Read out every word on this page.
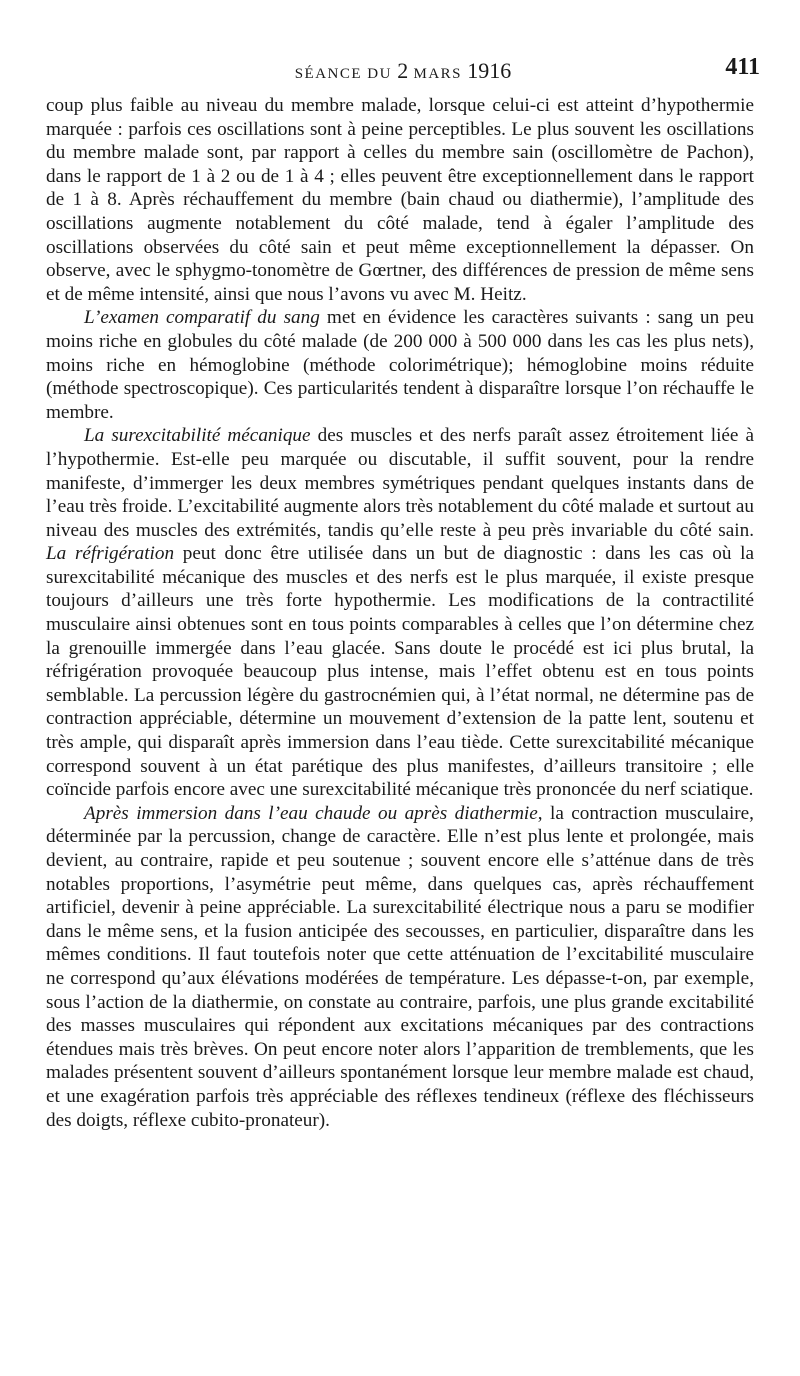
SÉANCE DU 2 MARS 1916	411

coup plus faible au niveau du membre malade, lorsque celui-ci est atteint d’hypothermie marquée : parfois ces oscillations sont à peine perceptibles. Le plus souvent les oscillations du membre malade sont, par rapport à celles du membre sain (oscillomètre de Pachon), dans le rapport de 1 à 2 ou de 1 à 4 ; elles peuvent être exceptionnellement dans le rapport de 1 à 8. Après réchauffement du membre (bain chaud ou diathermie), l’amplitude des oscillations augmente notablement du côté malade, tend à égaler l’amplitude des oscillations observées du côté sain et peut même exceptionnellement la dépasser. On observe, avec le sphygmo-tonomètre de Gœrtner, des différences de pression de même sens et de même intensité, ainsi que nous l’avons vu avec M. Heitz.

L’examen comparatif du sang met en évidence les caractères suivants : sang un peu moins riche en globules du côté malade (de 200 000 à 500 000 dans les cas les plus nets), moins riche en hémoglobine (méthode colorimétrique); hémoglobine moins réduite (méthode spectroscopique). Ces particularités tendent à disparaître lorsque l’on réchauffe le membre.

La surexcitabilité mécanique des muscles et des nerfs paraît assez étroitement liée à l’hypothermie. Est-elle peu marquée ou discutable, il suffit souvent, pour la rendre manifeste, d’immerger les deux membres symétriques pendant quelques instants dans de l’eau très froide. L’excitabilité augmente alors très notablement du côté malade et surtout au niveau des muscles des extrémités, tandis qu’elle reste à peu près invariable du côté sain. La réfrigération peut donc être utilisée dans un but de diagnostic : dans les cas où la surexcitabilité mécanique des muscles et des nerfs est le plus marquée, il existe presque toujours d’ailleurs une très forte hypothermie. Les modifications de la contractilité musculaire ainsi obtenues sont en tous points comparables à celles que l’on détermine chez la grenouille immergée dans l’eau glacée. Sans doute le procédé est ici plus brutal, la réfrigération provoquée beaucoup plus intense, mais l’effet obtenu est en tous points semblable. La percussion légère du gastrocnémien qui, à l’état normal, ne détermine pas de contraction appréciable, détermine un mouvement d’extension de la patte lent, soutenu et très ample, qui disparaît après immersion dans l’eau tiède. Cette surexcitabilité mécanique correspond souvent à un état parétique des plus manifestes, d’ailleurs transitoire ; elle coïncide parfois encore avec une surexcitabilité mécanique très prononcée du nerf sciatique.

Après immersion dans l’eau chaude ou après diathermie, la contraction musculaire, déterminée par la percussion, change de caractère. Elle n’est plus lente et prolongée, mais devient, au contraire, rapide et peu soutenue ; souvent encore elle s’atténue dans de très notables proportions, l’asymétrie peut même, dans quelques cas, après réchauffement artificiel, devenir à peine appréciable. La surexcitabilité électrique nous a paru se modifier dans le même sens, et la fusion anticipée des secousses, en particulier, disparaître dans les mêmes conditions. Il faut toutefois noter que cette atténuation de l’excitabilité musculaire ne correspond qu’aux élévations modérées de température. Les dépasse-t-on, par exemple, sous l’action de la diathermie, on constate au contraire, parfois, une plus grande excitabilité des masses musculaires qui répondent aux excitations mécaniques par des contractions étendues mais très brèves. On peut encore noter alors l’apparition de tremblements, que les malades présentent souvent d’ailleurs spontanément lorsque leur membre malade est chaud, et une exagération parfois très appréciable des réflexes tendineux (réflexe des fléchisseurs des doigts, réflexe cubito-pronateur).
